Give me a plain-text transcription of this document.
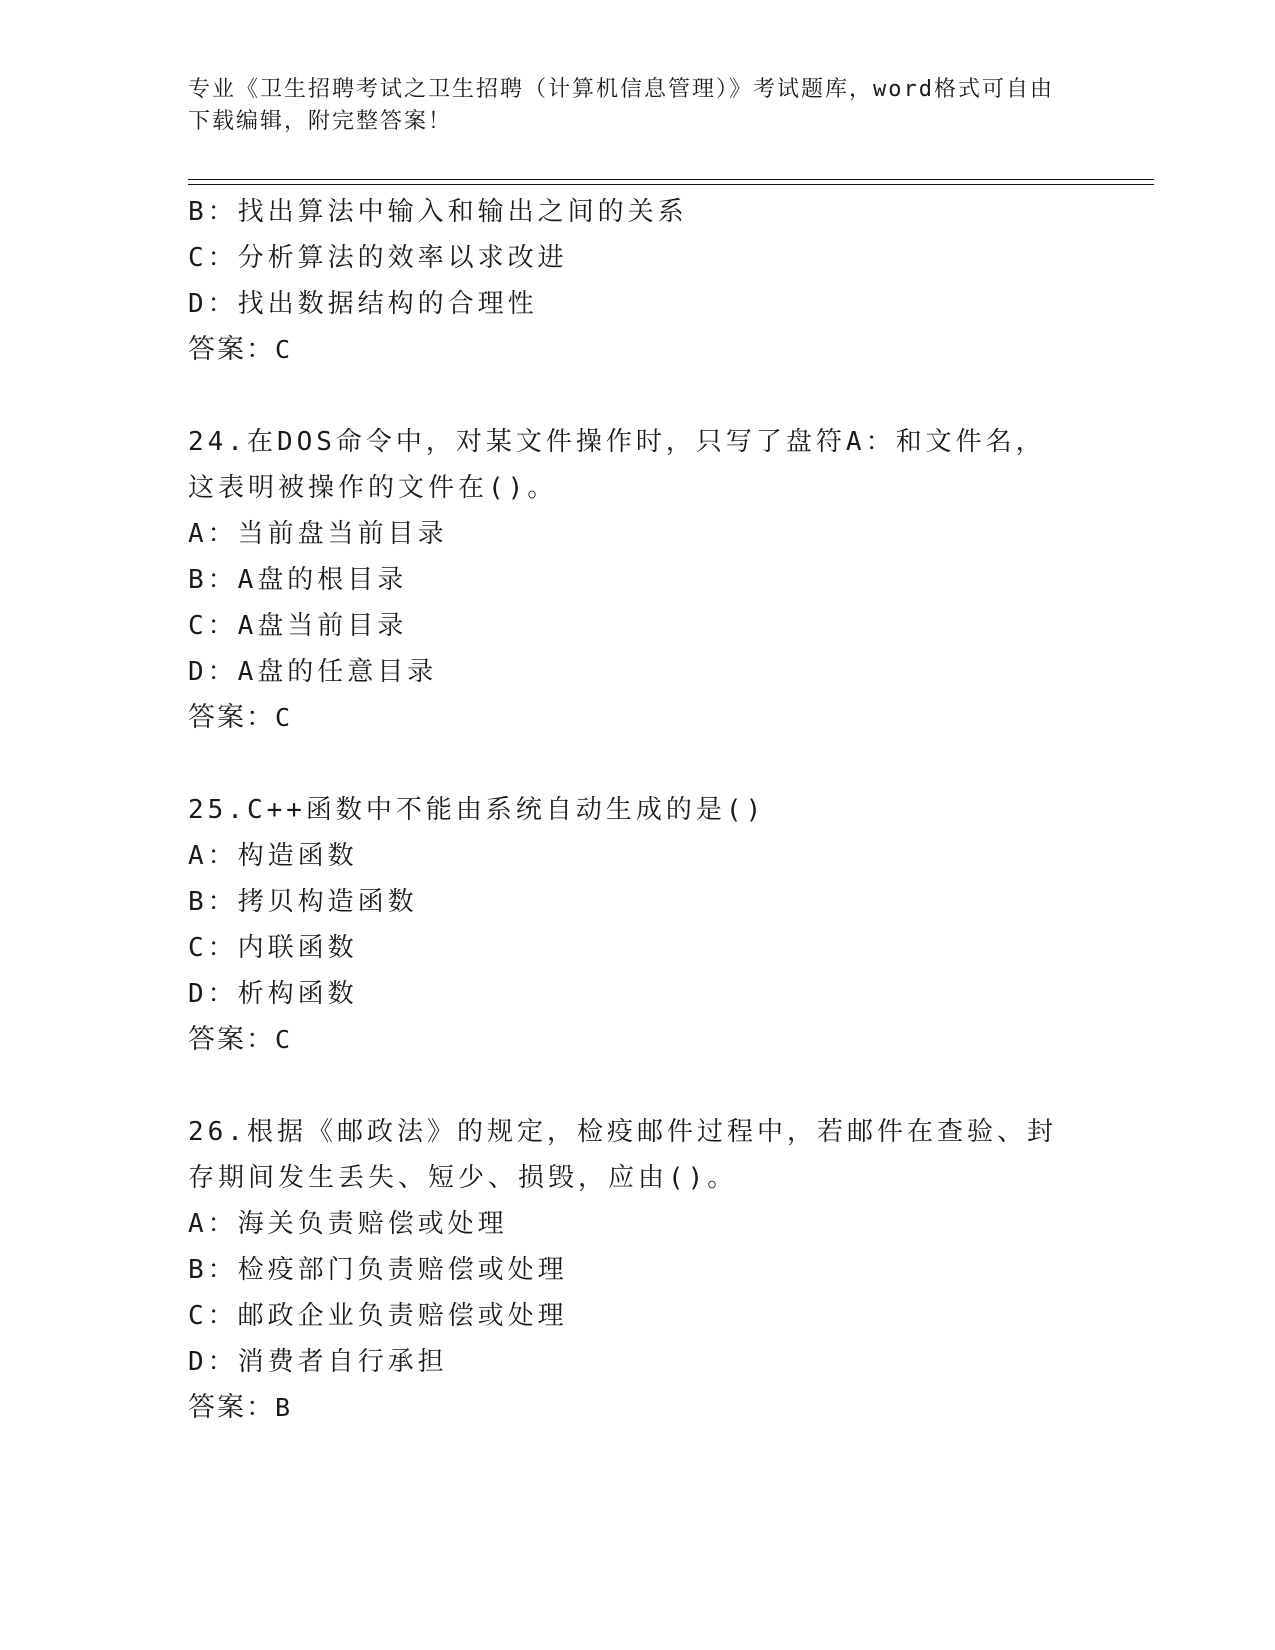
专业《卫生招聘考试之卫生招聘（计算机信息管理）》考试题库，word格式可自由下载编辑，附完整答案！
B：找出算法中输入和输出之间的关系
C：分析算法的效率以求改进
D：找出数据结构的合理性
答案：C
24.在DOS命令中，对某文件操作时，只写了盘符A：和文件名，这表明被操作的文件在()。
A：当前盘当前目录
B：A盘的根目录
C：A盘当前目录
D：A盘的任意目录
答案：C
25.C++函数中不能由系统自动生成的是()
A：构造函数
B：拷贝构造函数
C：内联函数
D：析构函数
答案：C
26.根据《邮政法》的规定，检疫邮件过程中，若邮件在查验、封存期间发生丢失、短少、损毁，应由()。
A：海关负责赔偿或处理
B：检疫部门负责赔偿或处理
C：邮政企业负责赔偿或处理
D：消费者自行承担
答案：B
